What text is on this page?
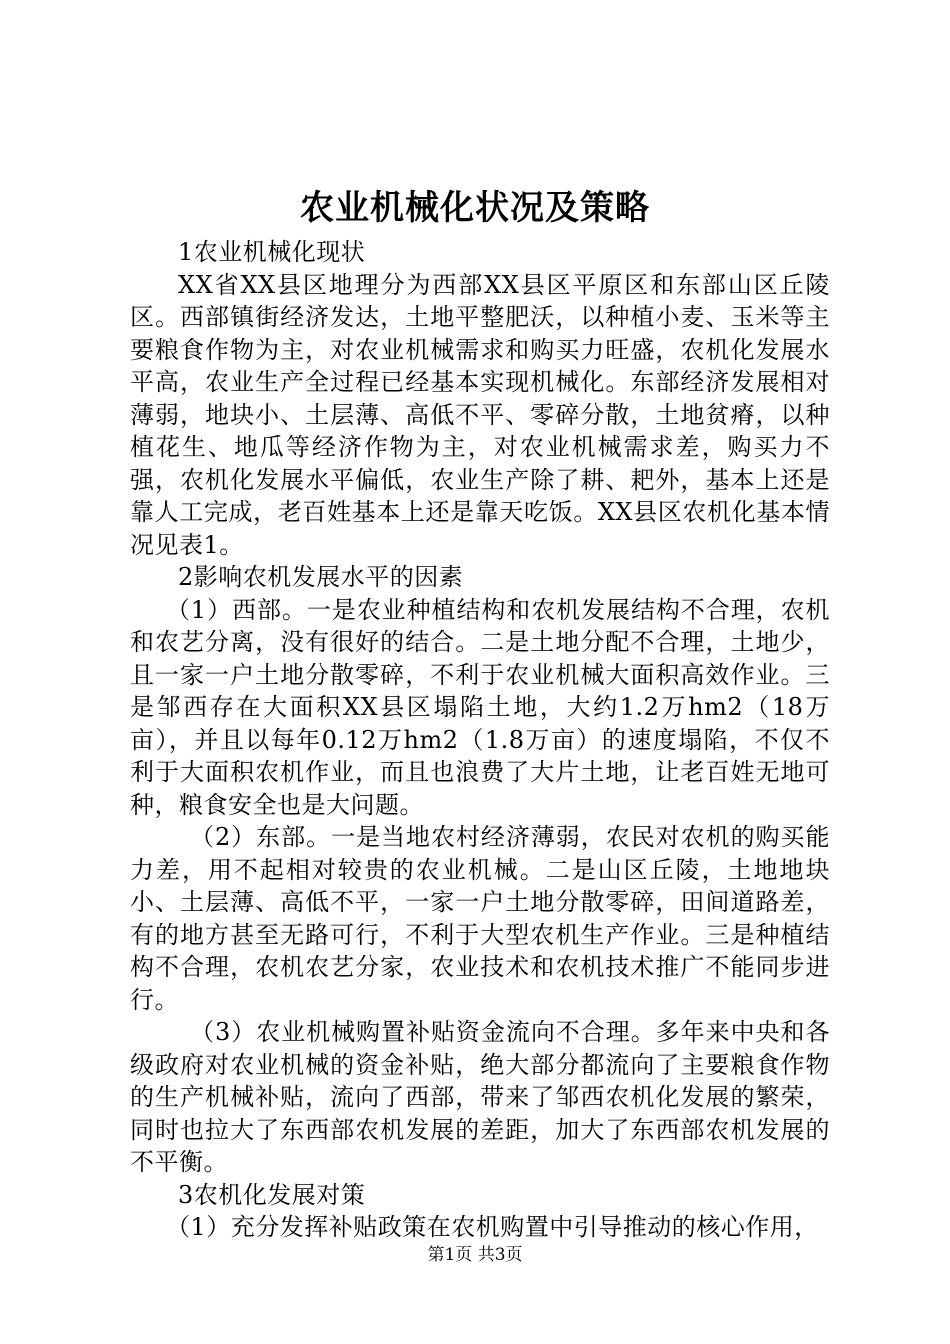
农业机械化状况及策略

1农业机械化现状

XX省XX县区地理分为西部XX县区平原区和东部山区丘陵区。西部镇街经济发达，土地平整肥沃，以种植小麦、玉米等主要粮食作物为主，对农业机械需求和购买力旺盛，农机化发展水平高，农业生产全过程已经基本实现机械化。东部经济发展相对薄弱，地块小、土层薄、高低不平、零碎分散，土地贫瘠，以种植花生、地瓜等经济作物为主，对农业机械需求差，购买力不强，农机化发展水平偏低，农业生产除了耕、耙外，基本上还是靠人工完成，老百姓基本上还是靠天吃饭。XX县区农机化基本情况见表1。

2影响农机发展水平的因素

（1）西部。一是农业种植结构和农机发展结构不合理，农机和农艺分离，没有很好的结合。二是土地分配不合理，土地少，且一家一户土地分散零碎，不利于农业机械大面积高效作业。三是邹西存在大面积XX县区塌陷土地，大约1.2万hm2（18万亩），并且以每年0.12万hm2（1.8万亩）的速度塌陷，不仅不利于大面积农机作业，而且也浪费了大片土地，让老百姓无地可种，粮食安全也是大问题。

（2）东部。一是当地农村经济薄弱，农民对农机的购买能力差，用不起相对较贵的农业机械。二是山区丘陵，土地地块小、土层薄、高低不平，一家一户土地分散零碎，田间道路差，有的地方甚至无路可行，不利于大型农机生产作业。三是种植结构不合理，农机农艺分家，农业技术和农机技术推广不能同步进行。

（3）农业机械购置补贴资金流向不合理。多年来中央和各级政府对农业机械的资金补贴，绝大部分都流向了主要粮食作物的生产机械补贴，流向了西部，带来了邹西农机化发展的繁荣，同时也拉大了东西部农机发展的差距，加大了东西部农机发展的不平衡。

3农机化发展对策

（1）充分发挥补贴政策在农机购置中引导推动的核心作用，

第1页 共3页
